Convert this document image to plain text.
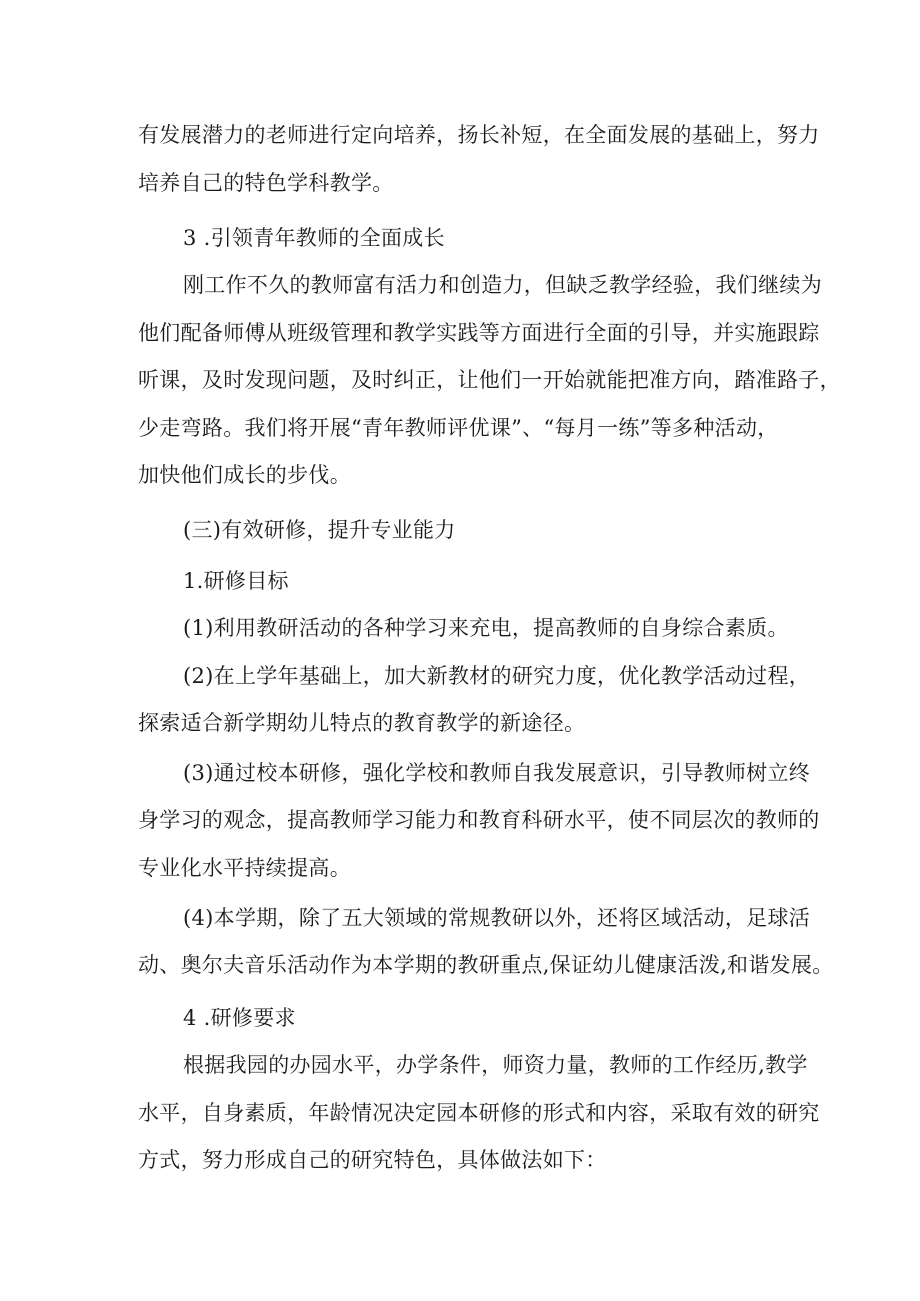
有发展潜力的老师进行定向培养，扬长补短，在全面发展的基础上，努力
培养自己的特色学科教学。
3 .引领青年教师的全面成长
刚工作不久的教师富有活力和创造力，但缺乏教学经验，我们继续为
他们配备师傅从班级管理和教学实践等方面进行全面的引导，并实施跟踪
听课，及时发现问题，及时纠正，让他们一开始就能把准方向，踏准路子，
少走弯路。我们将开展“青年教师评优课”、“每月一练”等多种活动，
加快他们成长的步伐。
(三)有效研修，提升专业能力
1.研修目标
(1)利用教研活动的各种学习来充电，提高教师的自身综合素质。
(2)在上学年基础上，加大新教材的研究力度，优化教学活动过程，
探索适合新学期幼儿特点的教育教学的新途径。
(3)通过校本研修，强化学校和教师自我发展意识，引导教师树立终
身学习的观念，提高教师学习能力和教育科研水平，使不同层次的教师的
专业化水平持续提高。
(4)本学期，除了五大领域的常规教研以外，还将区域活动，足球活
动、奥尔夫音乐活动作为本学期的教研重点,保证幼儿健康活泼,和谐发展。
4 .研修要求
根据我园的办园水平，办学条件，师资力量，教师的工作经历,教学
水平，自身素质，年龄情况决定园本研修的形式和内容，采取有效的研究
方式，努力形成自己的研究特色，具体做法如下：
